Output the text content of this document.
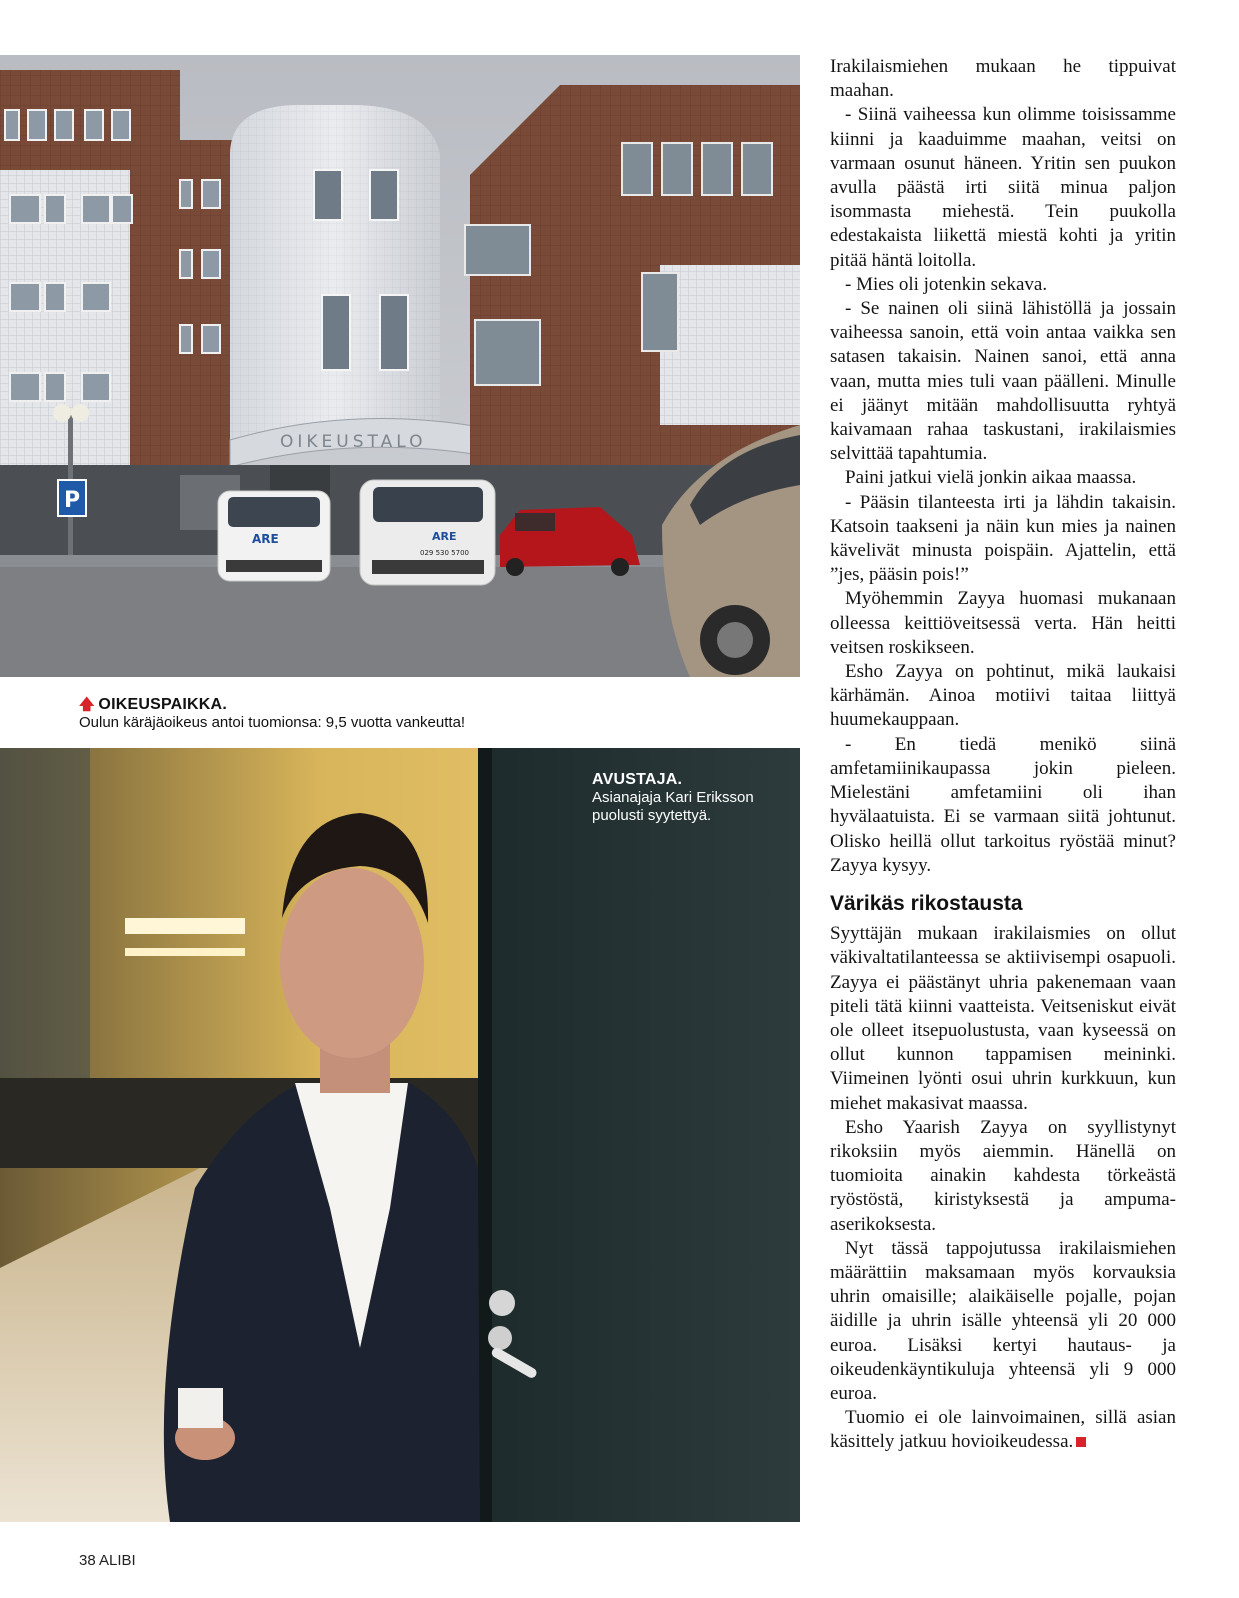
OIKEUSTALO
P
ARE	ARE
029 530 5700
🡅 OIKEUSPAIKKA.
Oulun käräjäoikeus antoi tuomionsa: 9,5 vuotta vankeutta!
AVUSTAJA.
Asianajaja Kari Eriksson
puolusti syytettyä.

Irakilaismiehen mukaan he tippuivat maahan.

- Siinä vaiheessa kun olimme toisissamme kiinni ja kaaduimme maahan, veitsi on varmaan osunut häneen. Yritin sen puukon avulla päästä irti siitä minua paljon isommasta miehestä. Tein puukolla edestakaista liikettä miestä kohti ja yritin pitää häntä loitolla.

- Mies oli jotenkin sekava.

- Se nainen oli siinä lähistöllä ja jossain vaiheessa sanoin, että voin antaa vaikka sen satasen takaisin. Nainen sanoi, että anna vaan, mutta mies tuli vaan päälleni. Minulle ei jäänyt mitään mahdollisuutta ryhtyä kaivamaan rahaa taskustani, irakilaismies selvittää tapahtumia.

Paini jatkui vielä jonkin aikaa maassa.

- Pääsin tilanteesta irti ja lähdin takaisin. Katsoin taakseni ja näin kun mies ja nainen kävelivät minusta poispäin. Ajattelin, että ”jes, pääsin pois!”

Myöhemmin Zayya huomasi mukanaan olleessa keittiöveitsessä verta. Hän heitti veitsen roskikseen.

Esho Zayya on pohtinut, mikä laukaisi kärhämän. Ainoa motiivi taitaa liittyä huumekauppaan.

- En tiedä menikö siinä amfetamiinikaupassa jokin pieleen. Mielestäni amfetamiini oli ihan hyvälaatuista. Ei se varmaan siitä johtunut. Olisko heillä ollut tarkoitus ryöstää minut? Zayya kysyy.

Värikäs rikostausta

Syyttäjän mukaan irakilaismies on ollut väkivaltatilanteessa se aktiivisempi osapuoli. Zayya ei päästänyt uhria pakenemaan vaan piteli tätä kiinni vaatteista. Veitseniskut eivät ole olleet itsepuolustusta, vaan kyseessä on ollut kunnon tappamisen meininki. Viimeinen lyönti osui uhrin kurkkuun, kun miehet makasivat maassa.

Esho Yaarish Zayya on syyllistynyt rikoksiin myös aiemmin. Hänellä on tuomioita ainakin kahdesta törkeästä ryöstöstä, kiristyksestä ja ampuma-aserikoksesta.

Nyt tässä tappojutussa irakilaismiehen määrättiin maksamaan myös korvauksia uhrin omaisille; alaikäiselle pojalle, pojan äidille ja uhrin isälle yhteensä yli 20 000 euroa. Lisäksi kertyi hautaus- ja oikeudenkäyntikuluja yhteensä yli 9 000 euroa.

Tuomio ei ole lainvoimainen, sillä asian käsittely jatkuu hovioikeudessa.

38 ALIBI
